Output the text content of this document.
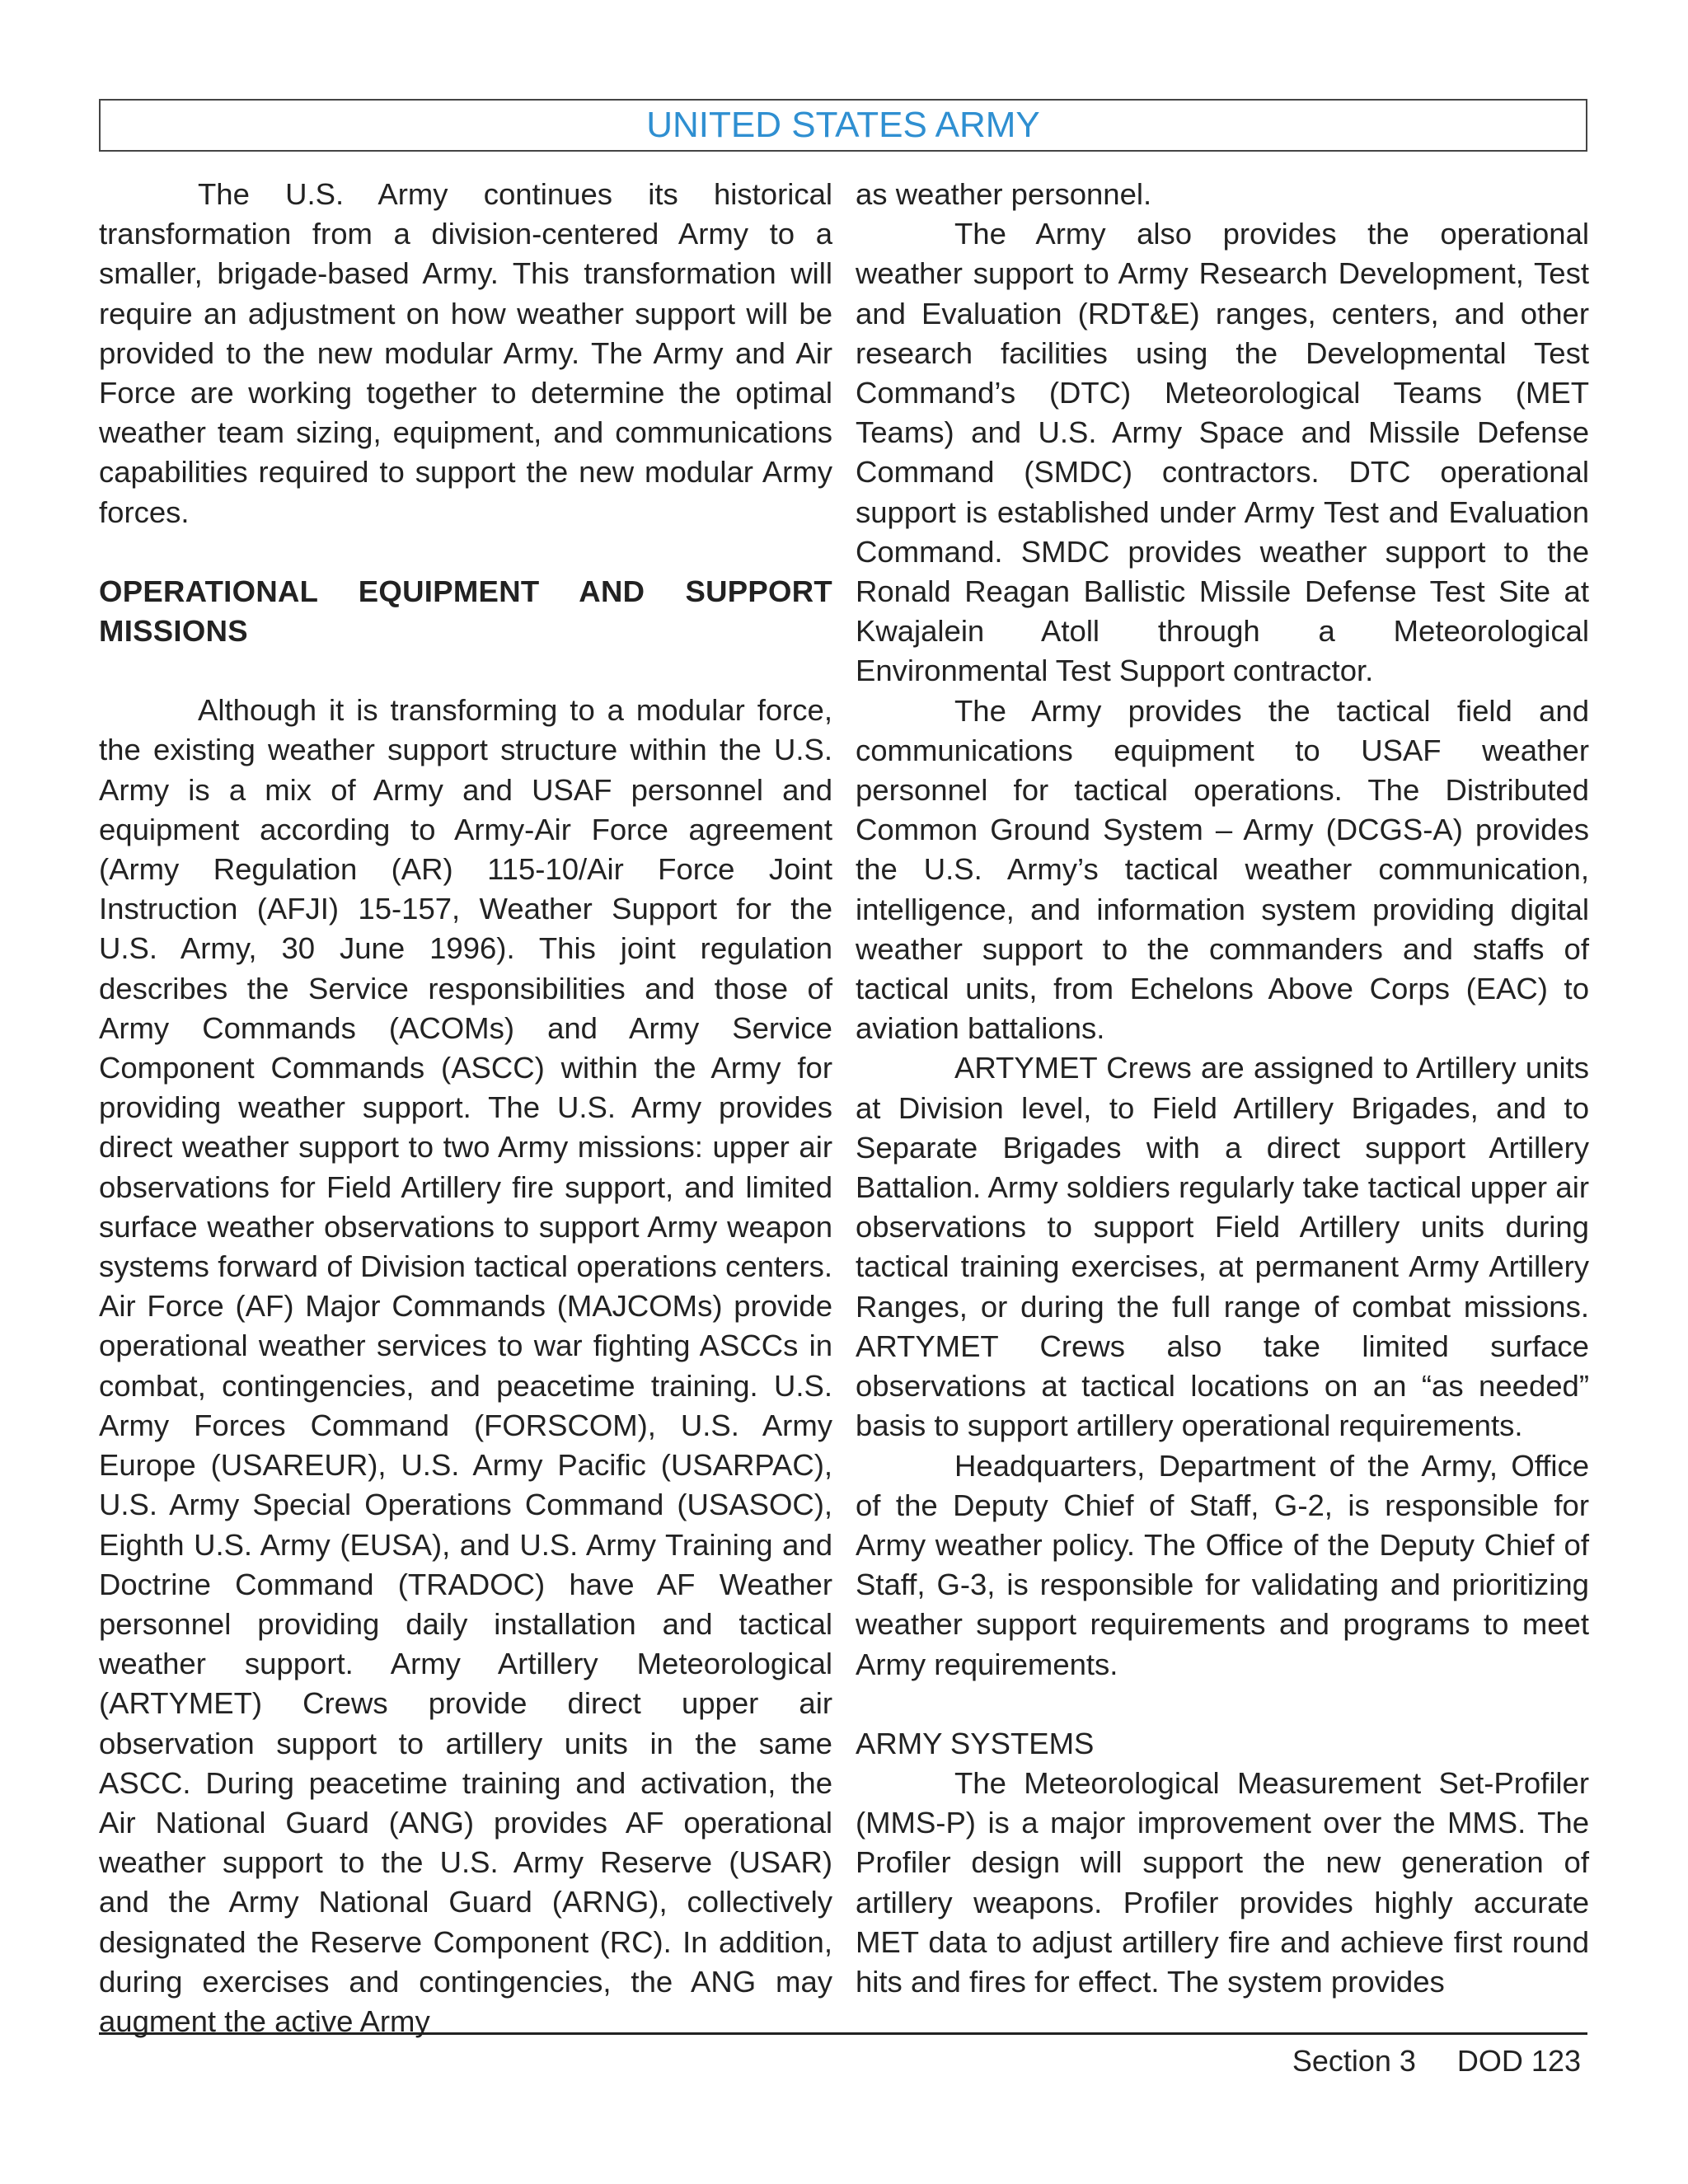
UNITED STATES ARMY

The U.S. Army continues its historical transformation from a division-centered Army to a smaller, brigade-based Army. This transformation will require an adjustment on how weather support will be provided to the new modular Army. The Army and Air Force are working together to determine the optimal weather team sizing, equipment, and communications capabilities required to support the new modular Army forces.

OPERATIONAL EQUIPMENT AND SUPPORT MISSIONS

Although it is transforming to a modular force, the existing weather support structure within the U.S. Army is a mix of Army and USAF personnel and equipment according to Army-Air Force agreement (Army Regulation (AR) 115-10/Air Force Joint Instruction (AFJI) 15-157, Weather Support for the U.S. Army, 30 June 1996). This joint regulation describes the Service responsibilities and those of Army Commands (ACOMs) and Army Service Component Commands (ASCC) within the Army for providing weather support. The U.S. Army provides direct weather support to two Army missions: upper air observations for Field Artillery fire support, and limited surface weather observations to support Army weapon systems forward of Division tactical operations centers. Air Force (AF) Major Commands (MAJCOMs) provide operational weather services to war fighting ASCCs in combat, contingencies, and peacetime training. U.S. Army Forces Command (FORSCOM), U.S. Army Europe (USAREUR), U.S. Army Pacific (USARPAC), U.S. Army Special Operations Command (USASOC), Eighth U.S. Army (EUSA), and U.S. Army Training and Doctrine Command (TRADOC) have AF Weather personnel providing daily installation and tactical weather support. Army Artillery Meteorological (ARTYMET) Crews provide direct upper air observation support to artillery units in the same ASCC. During peacetime training and activation, the Air National Guard (ANG) provides AF operational weather support to the U.S. Army Reserve (USAR) and the Army National Guard (ARNG), collectively designated the Reserve Component (RC). In addition, during exercises and contingencies, the ANG may augment the active Army

as weather personnel.

The Army also provides the operational weather support to Army Research Development, Test and Evaluation (RDT&E) ranges, centers, and other research facilities using the Developmental Test Command’s (DTC) Meteorological Teams (MET Teams) and U.S. Army Space and Missile Defense Command (SMDC) contractors. DTC operational support is established under Army Test and Evaluation Command. SMDC provides weather support to the Ronald Reagan Ballistic Missile Defense Test Site at Kwajalein Atoll through a Meteorological Environmental Test Support contractor.

The Army provides the tactical field and communications equipment to USAF weather personnel for tactical operations. The Distributed Common Ground System – Army (DCGS-A) provides the U.S. Army’s tactical weather communication, intelligence, and information system providing digital weather support to the commanders and staffs of tactical units, from Echelons Above Corps (EAC) to aviation battalions.

ARTYMET Crews are assigned to Artillery units at Division level, to Field Artillery Brigades, and to Separate Brigades with a direct support Artillery Battalion. Army soldiers regularly take tactical upper air observations to support Field Artillery units during tactical training exercises, at permanent Army Artillery Ranges, or during the full range of combat missions. ARTYMET Crews also take limited surface observations at tactical locations on an “as needed” basis to support artillery operational requirements.

Headquarters, Department of the Army, Office of the Deputy Chief of Staff, G-2, is responsible for Army weather policy. The Office of the Deputy Chief of Staff, G-3, is responsible for validating and prioritizing weather support requirements and programs to meet Army requirements.

ARMY SYSTEMS

The Meteorological Measurement Set-Profiler (MMS-P) is a major improvement over the MMS. The Profiler design will support the new generation of artillery weapons. Profiler provides highly accurate MET data to adjust artillery fire and achieve first round hits and fires for effect. The system provides

Section 3 DOD 123
